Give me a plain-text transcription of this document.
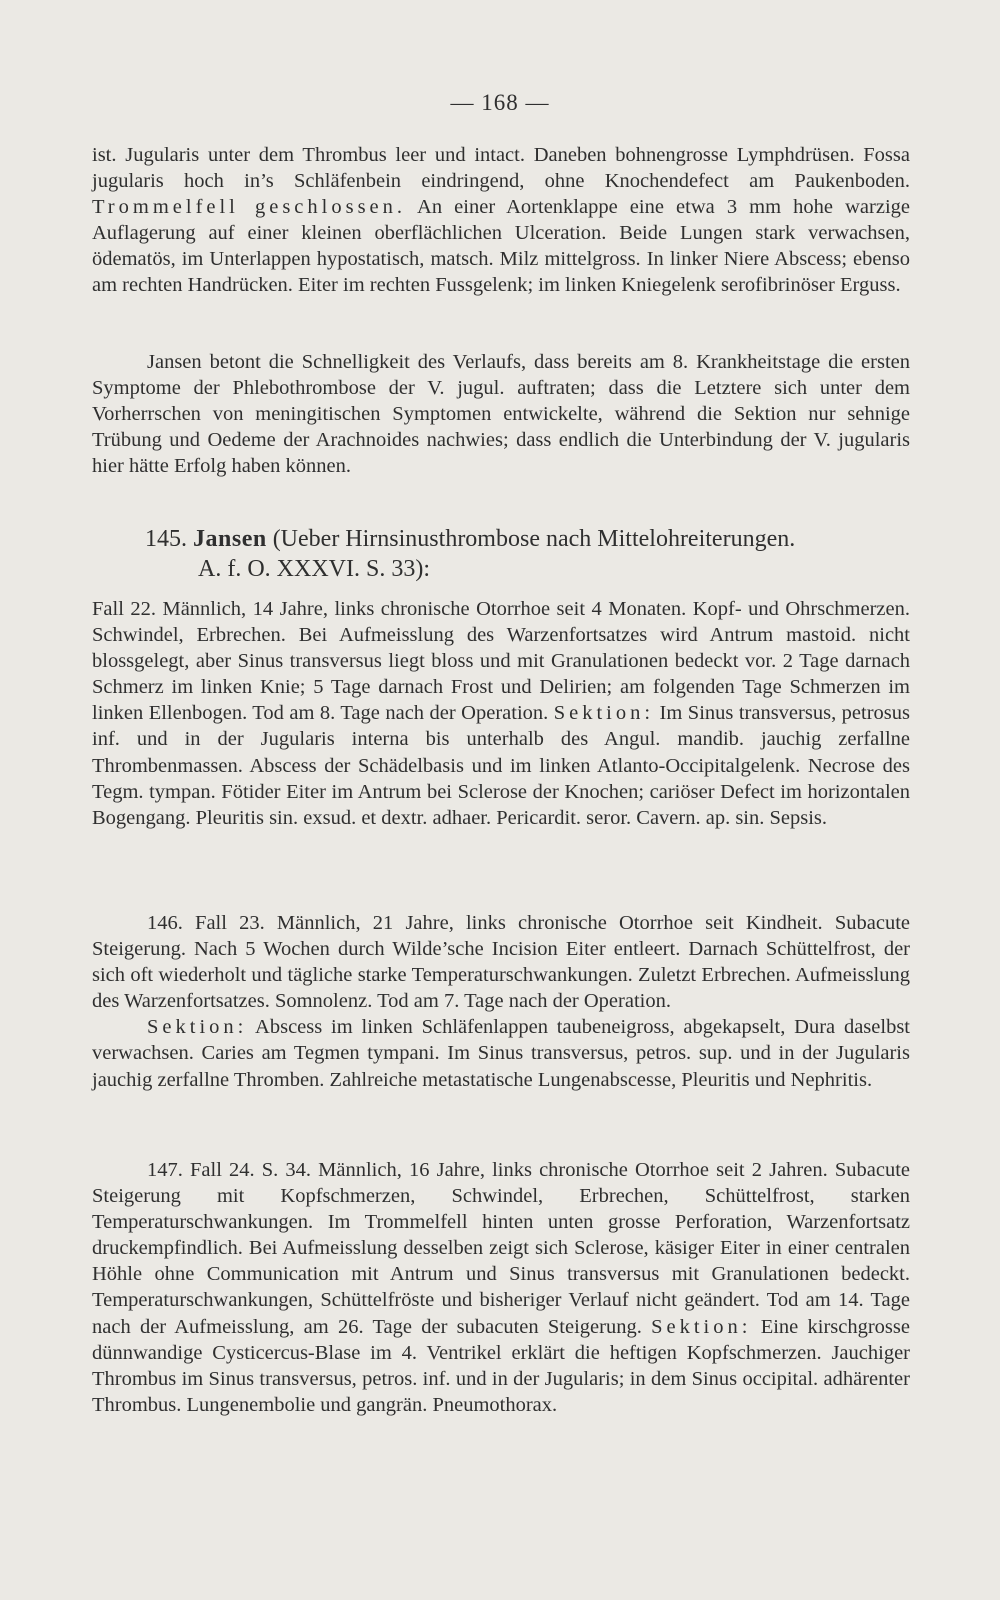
— 168 —

ist. Jugularis unter dem Thrombus leer und intact. Daneben bohnengrosse Lymphdrüsen. Fossa jugularis hoch in’s Schläfenbein eindringend, ohne Knochendefect am Paukenboden. Trommelfell geschlossen. An einer Aortenklappe eine etwa 3 mm hohe warzige Auflagerung auf einer kleinen oberflächlichen Ulceration. Beide Lungen stark verwachsen, ödematös, im Unterlappen hypostatisch, matsch. Milz mittelgross. In linker Niere Abscess; ebenso am rechten Handrücken. Eiter im rechten Fussgelenk; im linken Kniegelenk serofibrinöser Erguss.

Jansen betont die Schnelligkeit des Verlaufs, dass bereits am 8. Krankheitstage die ersten Symptome der Phlebothrombose der V. jugul. auftraten; dass die Letztere sich unter dem Vorherrschen von meningitischen Symptomen entwickelte, während die Sektion nur sehnige Trübung und Oedeme der Arachnoides nachwies; dass endlich die Unterbindung der V. jugularis hier hätte Erfolg haben können.

145. Jansen (Ueber Hirnsinusthrombose nach Mittelohreiterungen.
A. f. O. XXXVI. S. 33):

Fall 22. Männlich, 14 Jahre, links chronische Otorrhoe seit 4 Monaten. Kopf- und Ohrschmerzen. Schwindel, Erbrechen. Bei Aufmeisslung des Warzenfortsatzes wird Antrum mastoid. nicht blossgelegt, aber Sinus transversus liegt bloss und mit Granulationen bedeckt vor. 2 Tage darnach Schmerz im linken Knie; 5 Tage darnach Frost und Delirien; am folgenden Tage Schmerzen im linken Ellenbogen. Tod am 8. Tage nach der Operation. Sektion: Im Sinus transversus, petrosus inf. und in der Jugularis interna bis unterhalb des Angul. mandib. jauchig zerfallne Thrombenmassen. Abscess der Schädelbasis und im linken Atlanto-Occipitalgelenk. Necrose des Tegm. tympan. Fötider Eiter im Antrum bei Sclerose der Knochen; cariöser Defect im horizontalen Bogengang. Pleuritis sin. exsud. et dextr. adhaer. Pericardit. seror. Cavern. ap. sin. Sepsis.

146. Fall 23. Männlich, 21 Jahre, links chronische Otorrhoe seit Kindheit. Subacute Steigerung. Nach 5 Wochen durch Wilde’sche Incision Eiter entleert. Darnach Schüttelfrost, der sich oft wiederholt und tägliche starke Temperaturschwankungen. Zuletzt Erbrechen. Aufmeisslung des Warzenfortsatzes. Somnolenz. Tod am 7. Tage nach der Operation.

Sektion: Abscess im linken Schläfenlappen taubeneigross, abgekapselt, Dura daselbst verwachsen. Caries am Tegmen tympani. Im Sinus transversus, petros. sup. und in der Jugularis jauchig zerfallne Thromben. Zahlreiche metastatische Lungenabscesse, Pleuritis und Nephritis.

147. Fall 24. S. 34. Männlich, 16 Jahre, links chronische Otorrhoe seit 2 Jahren. Subacute Steigerung mit Kopfschmerzen, Schwindel, Erbrechen, Schüttelfrost, starken Temperaturschwankungen. Im Trommelfell hinten unten grosse Perforation, Warzenfortsatz druckempfindlich. Bei Aufmeisslung desselben zeigt sich Sclerose, käsiger Eiter in einer centralen Höhle ohne Communication mit Antrum und Sinus transversus mit Granulationen bedeckt. Temperaturschwankungen, Schüttelfröste und bisheriger Verlauf nicht geändert. Tod am 14. Tage nach der Aufmeisslung, am 26. Tage der subacuten Steigerung. Sektion: Eine kirschgrosse dünnwandige Cysticercus-Blase im 4. Ventrikel erklärt die heftigen Kopfschmerzen. Jauchiger Thrombus im Sinus transversus, petros. inf. und in der Jugularis; in dem Sinus occipital. adhärenter Thrombus. Lungenembolie und gangrän. Pneumothorax.
